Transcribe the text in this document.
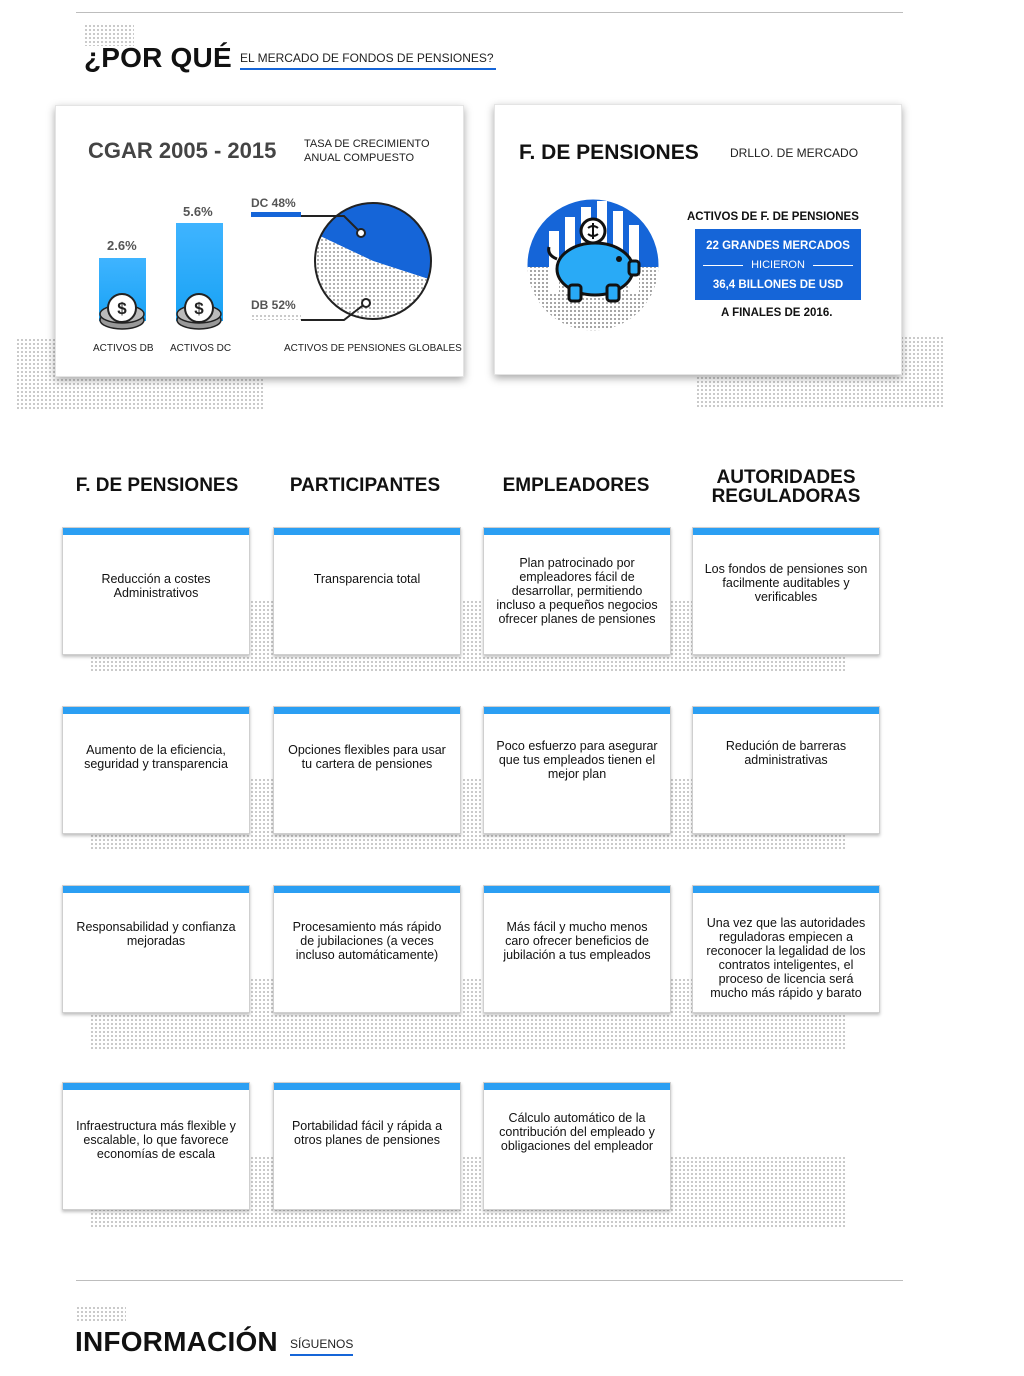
¿POR QUÉ EL MERCADO DE FONDOS DE PENSIONES?
CGAR 2005 - 2015	TASA DE CRECIMIENTO
ANUAL COMPUESTO
2.6%
5.6%
$	$
ACTIVOS DB ACTIVOS DC
DC 48%
DB 52%
ACTIVOS DE PENSIONES GLOBALES
F. DE PENSIONES	DRLLO. DE MERCADO
ACTIVOS DE F. DE PENSIONES
22 GRANDES MERCADOS
HICIERON
36,4 BILLONES DE USD
A FINALES DE 2016.
F. DE PENSIONES	PARTICIPANTES	EMPLEADORES	AUTORIDADES REGULADORAS
Reducción a costes Administrativos
Transparencia total
Plan patrocinado por empleadores fácil de desarrollar, permitiendo incluso a pequeños negocios ofrecer planes de pensiones
Los fondos de pensiones son facilmente auditables y verificables
Aumento de la eficiencia, seguridad y transparencia
Opciones flexibles para usar tu cartera de pensiones
Poco esfuerzo para asegurar que tus empleados tienen el mejor plan
Redución de barreras administrativas
Responsabilidad y confianza mejoradas
Procesamiento más rápido de jubilaciones (a veces incluso automáticamente)
Más fácil y mucho menos caro ofrecer beneficios de jubilación a tus empleados
Una vez que las autoridades reguladoras empiecen a reconocer la legalidad de los contratos inteligentes, el proceso de licencia será mucho más rápido y barato
Infraestructura más flexible y escalable, lo que favorece economías de escala
Portabilidad fácil y rápida a otros planes de pensiones
Cálculo automático de la contribución del empleado y obligaciones del empleador
INFORMACIÓN SÍGUENOS
